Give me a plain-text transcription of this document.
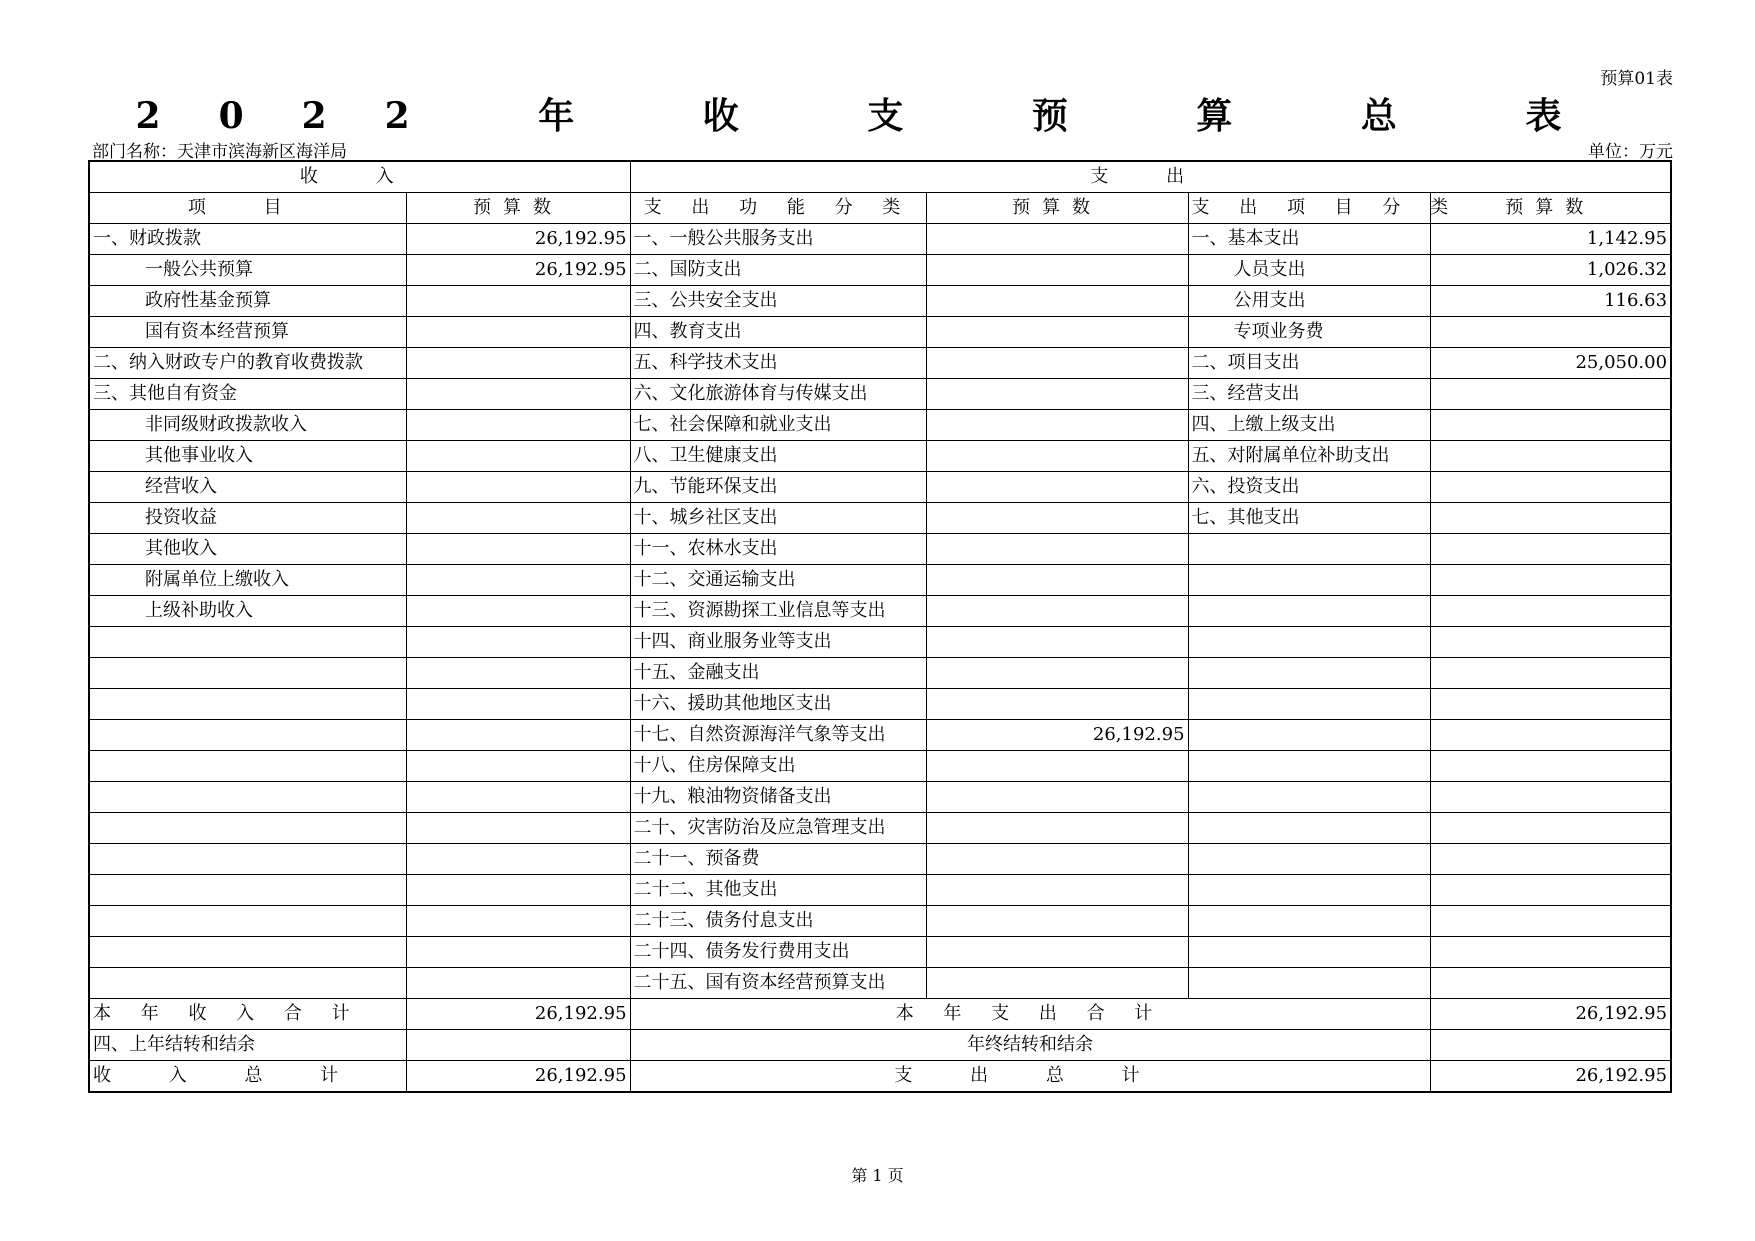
预算01表
2022 年 收 支 预 算 总 表
部门名称：天津市滨海新区海洋局	单位：万元
收 入		支 出			
项 目	预算数	支 出 功 能 分 类	预算数	支 出 项 目 分 类	预算数
一、财政拨款	26,192.95	一、一般公共服务支出		一、基本支出	1,142.95
一般公共预算	26,192.95	二、国防支出		人员支出	1,026.32
政府性基金预算		三、公共安全支出		公用支出	116.63
国有资本经营预算		四、教育支出		专项业务费	
二、纳入财政专户的教育收费拨款		五、科学技术支出		二、项目支出	25,050.00
三、其他自有资金		六、文化旅游体育与传媒支出		三、经营支出	
非同级财政拨款收入		七、社会保障和就业支出		四、上缴上级支出	
其他事业收入		八、卫生健康支出		五、对附属单位补助支出	
经营收入		九、节能环保支出		六、投资支出	
投资收益		十、城乡社区支出		七、其他支出	
其他收入		十一、农林水支出			
附属单位上缴收入		十二、交通运输支出			
上级补助收入		十三、资源勘探工业信息等支出			
		十四、商业服务业等支出			
		十五、金融支出			
		十六、援助其他地区支出			
		十七、自然资源海洋气象等支出	26,192.95		
		十八、住房保障支出			
		十九、粮油物资储备支出			
		二十、灾害防治及应急管理支出			
		二十一、预备费			
		二十二、其他支出			
		二十三、债务付息支出			
		二十四、债务发行费用支出			
		二十五、国有资本经营预算支出			
本 年 收 入 合 计	26,192.95	本 年 支 出 合 计			26,192.95
四、上年结转和结余		年终结转和结余			
收 入 总 计	26,192.95	支 出 总 计			26,192.95
第 1 页
